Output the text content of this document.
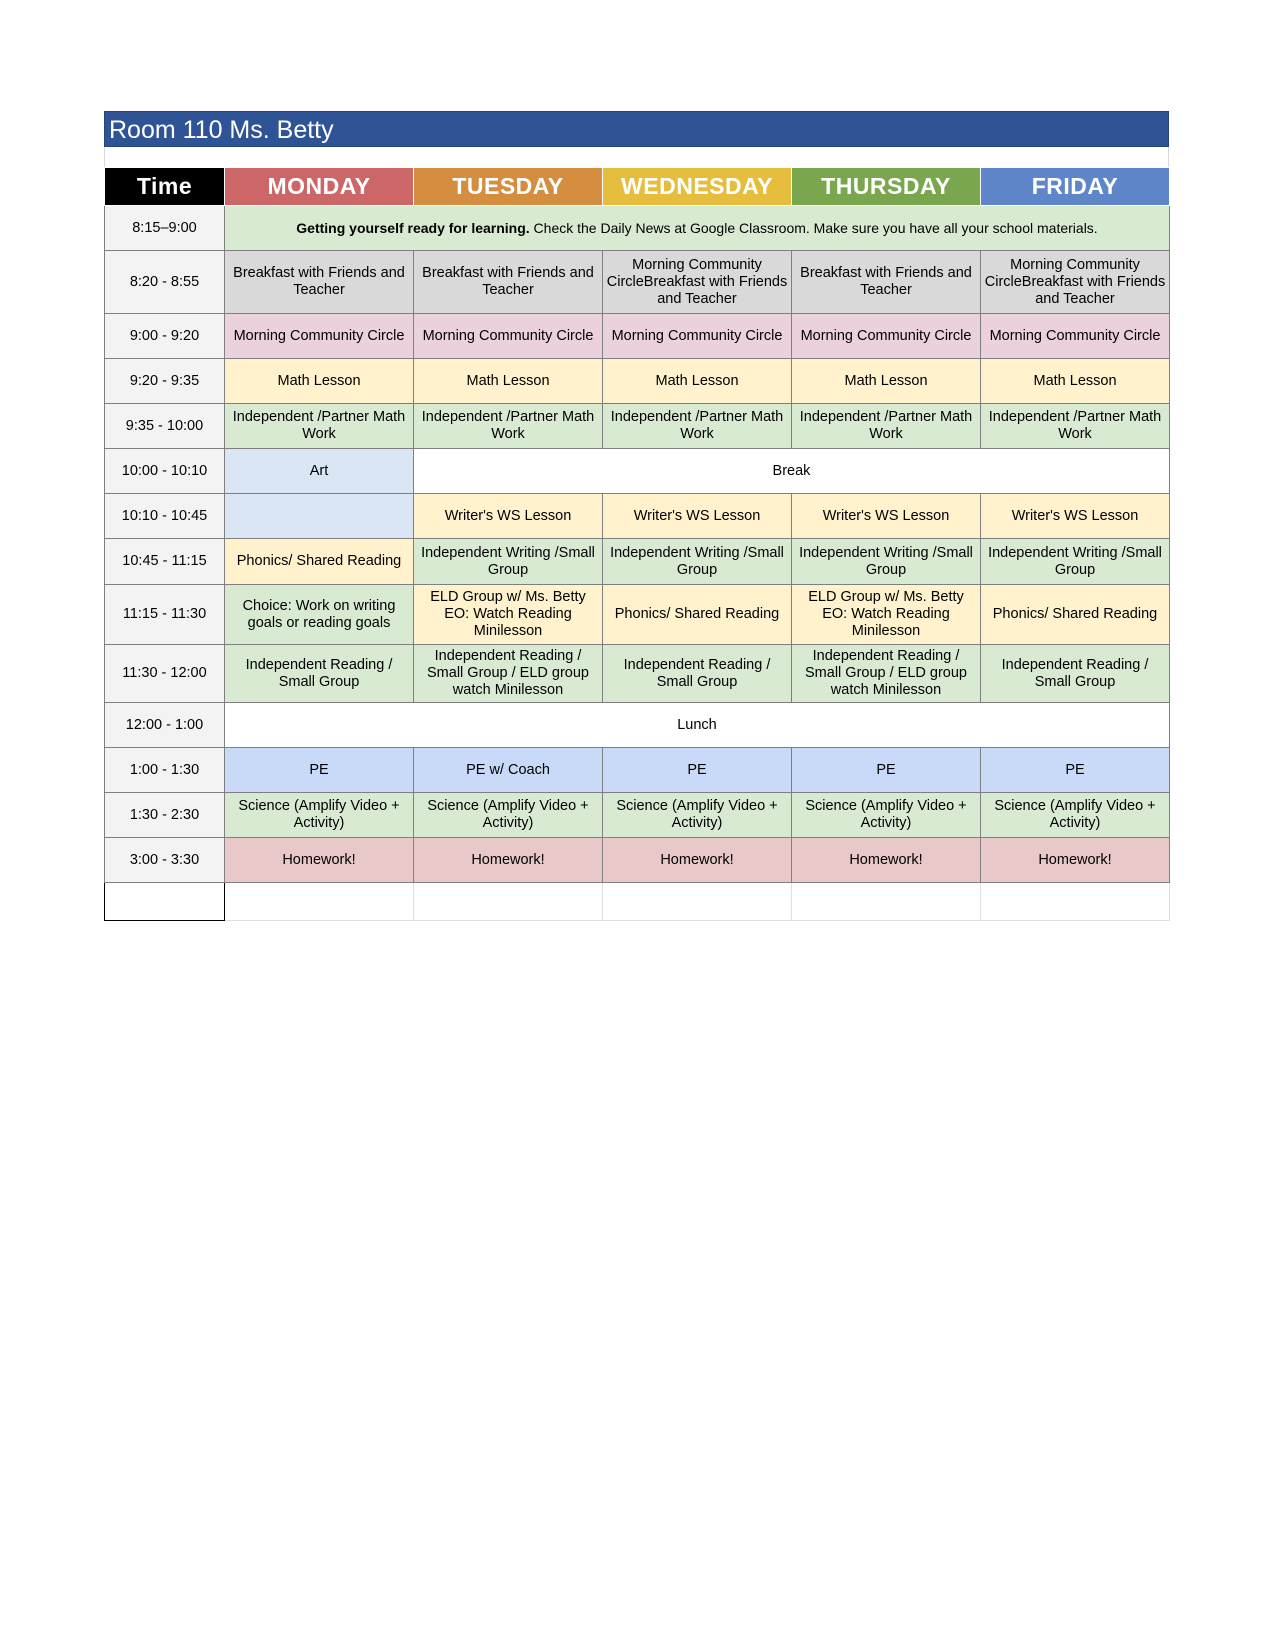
Room 110 Ms. Betty
Time	MONDAY	TUESDAY	WEDNESDAY	THURSDAY	FRIDAY
8:15–9:00	Getting yourself ready for learning. Check the Daily News at Google Classroom. Make sure you have all your school materials.				
8:20 - 8:55	Breakfast with Friends and Teacher	Breakfast with Friends and Teacher	Morning Community CircleBreakfast with Friends and Teacher	Breakfast with Friends and Teacher	Morning Community CircleBreakfast with Friends and Teacher
9:00 - 9:20	Morning Community Circle	Morning Community Circle	Morning Community Circle	Morning Community Circle	Morning Community Circle
9:20 - 9:35	Math Lesson	Math Lesson	Math Lesson	Math Lesson	Math Lesson
9:35 - 10:00	Independent /Partner Math Work	Independent /Partner Math Work	Independent /Partner Math Work	Independent /Partner Math Work	Independent /Partner Math Work
10:00 - 10:10	Art	Break			
10:10 - 10:45		Writer's WS Lesson	Writer's WS Lesson	Writer's WS Lesson	Writer's WS Lesson
10:45 - 11:15	Phonics/ Shared Reading	Independent Writing /Small Group	Independent Writing /Small Group	Independent Writing /Small Group	Independent Writing /Small Group
11:15 - 11:30	Choice: Work on writing goals or reading goals	ELD Group w/ Ms. Betty EO: Watch Reading Minilesson	Phonics/ Shared Reading	ELD Group w/ Ms. Betty EO: Watch Reading Minilesson	Phonics/ Shared Reading
11:30 - 12:00	Independent Reading / Small Group	Independent Reading / Small Group / ELD group watch Minilesson	Independent Reading / Small Group	Independent Reading / Small Group / ELD group watch Minilesson	Independent Reading / Small Group
12:00 - 1:00	Lunch				
1:00 - 1:30	PE	PE w/ Coach	PE	PE	PE
1:30 - 2:30	Science (Amplify Video + Activity)	Science (Amplify Video + Activity)	Science (Amplify Video + Activity)	Science (Amplify Video + Activity)	Science (Amplify Video + Activity)
3:00 - 3:30	Homework!	Homework!	Homework!	Homework!	Homework!
